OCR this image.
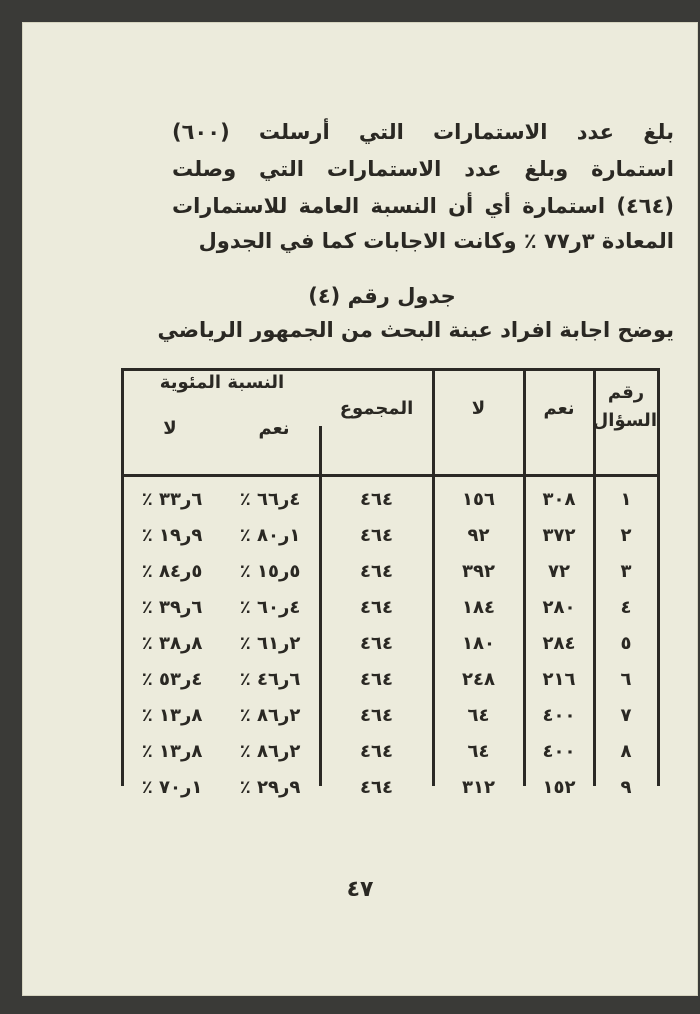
بلغ عدد الاستمارات التي أرسلت (٦٠٠)
استمارة وبلغ عدد الاستمارات التي وصلت
(٤٦٤) استمارة أي أن النسبة العامة للاستمارات
المعادة ٣ر٧٧ ٪ وكانت الاجابات كما في الجدول
جدول رقم (٤)
يوضح اجابة افراد عينة البحث من الجمهور الرياضي
رقم
السؤال
نعم
لا
المجموع
النسبة المئوية
نعم
لا
١
٣٠٨
١٥٦
٤٦٤
٤ر٦٦ ٪
٦ر٣٣ ٪
٢
٣٧٢
٩٢
٤٦٤
١ر٨٠ ٪
٩ر١٩ ٪
٣
٧٢
٣٩٢
٤٦٤
٥ر١٥ ٪
٥ر٨٤ ٪
٤
٢٨٠
١٨٤
٤٦٤
٤ر٦٠ ٪
٦ر٣٩ ٪
٥
٢٨٤
١٨٠
٤٦٤
٢ر٦١ ٪
٨ر٣٨ ٪
٦
٢١٦
٢٤٨
٤٦٤
٦ر٤٦ ٪
٤ر٥٣ ٪
٧
٤٠٠
٦٤
٤٦٤
٢ر٨٦ ٪
٨ر١٣ ٪
٨
٤٠٠
٦٤
٤٦٤
٢ر٨٦ ٪
٨ر١٣ ٪
٩
١٥٢
٣١٢
٤٦٤
٩ر٢٩ ٪
١ر٧٠ ٪
٤٧
